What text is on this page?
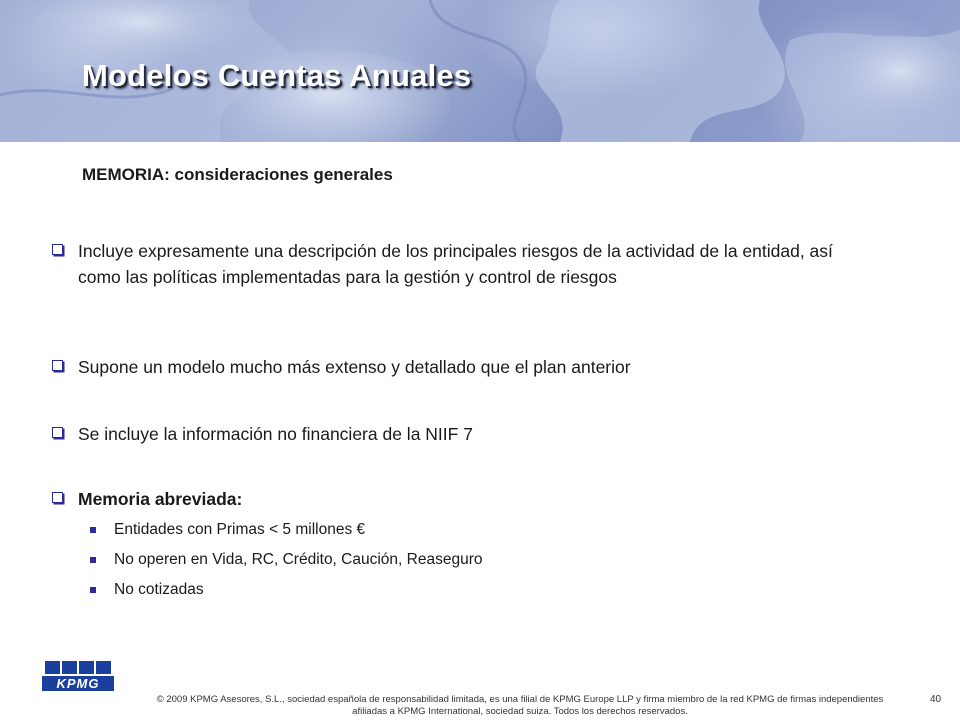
Modelos Cuentas Anuales
MEMORIA: consideraciones generales
Incluye expresamente una descripción de los principales riesgos de la actividad de la entidad, así como las políticas implementadas para la gestión y control de riesgos
Supone un modelo mucho más extenso y detallado que el plan anterior
Se incluye la información no financiera de la NIIF 7
Memoria abreviada:
Entidades con Primas < 5 millones €
No operen en Vida, RC, Crédito, Caución, Reaseguro
No cotizadas
KPMG

© 2009 KPMG Asesores, S.L., sociedad española de responsabilidad limitada, es una filial de KPMG Europe LLP y firma miembro de la red KPMG de firmas independientes afiliadas a KPMG International, sociedad suiza. Todos los derechos reservados.

40
